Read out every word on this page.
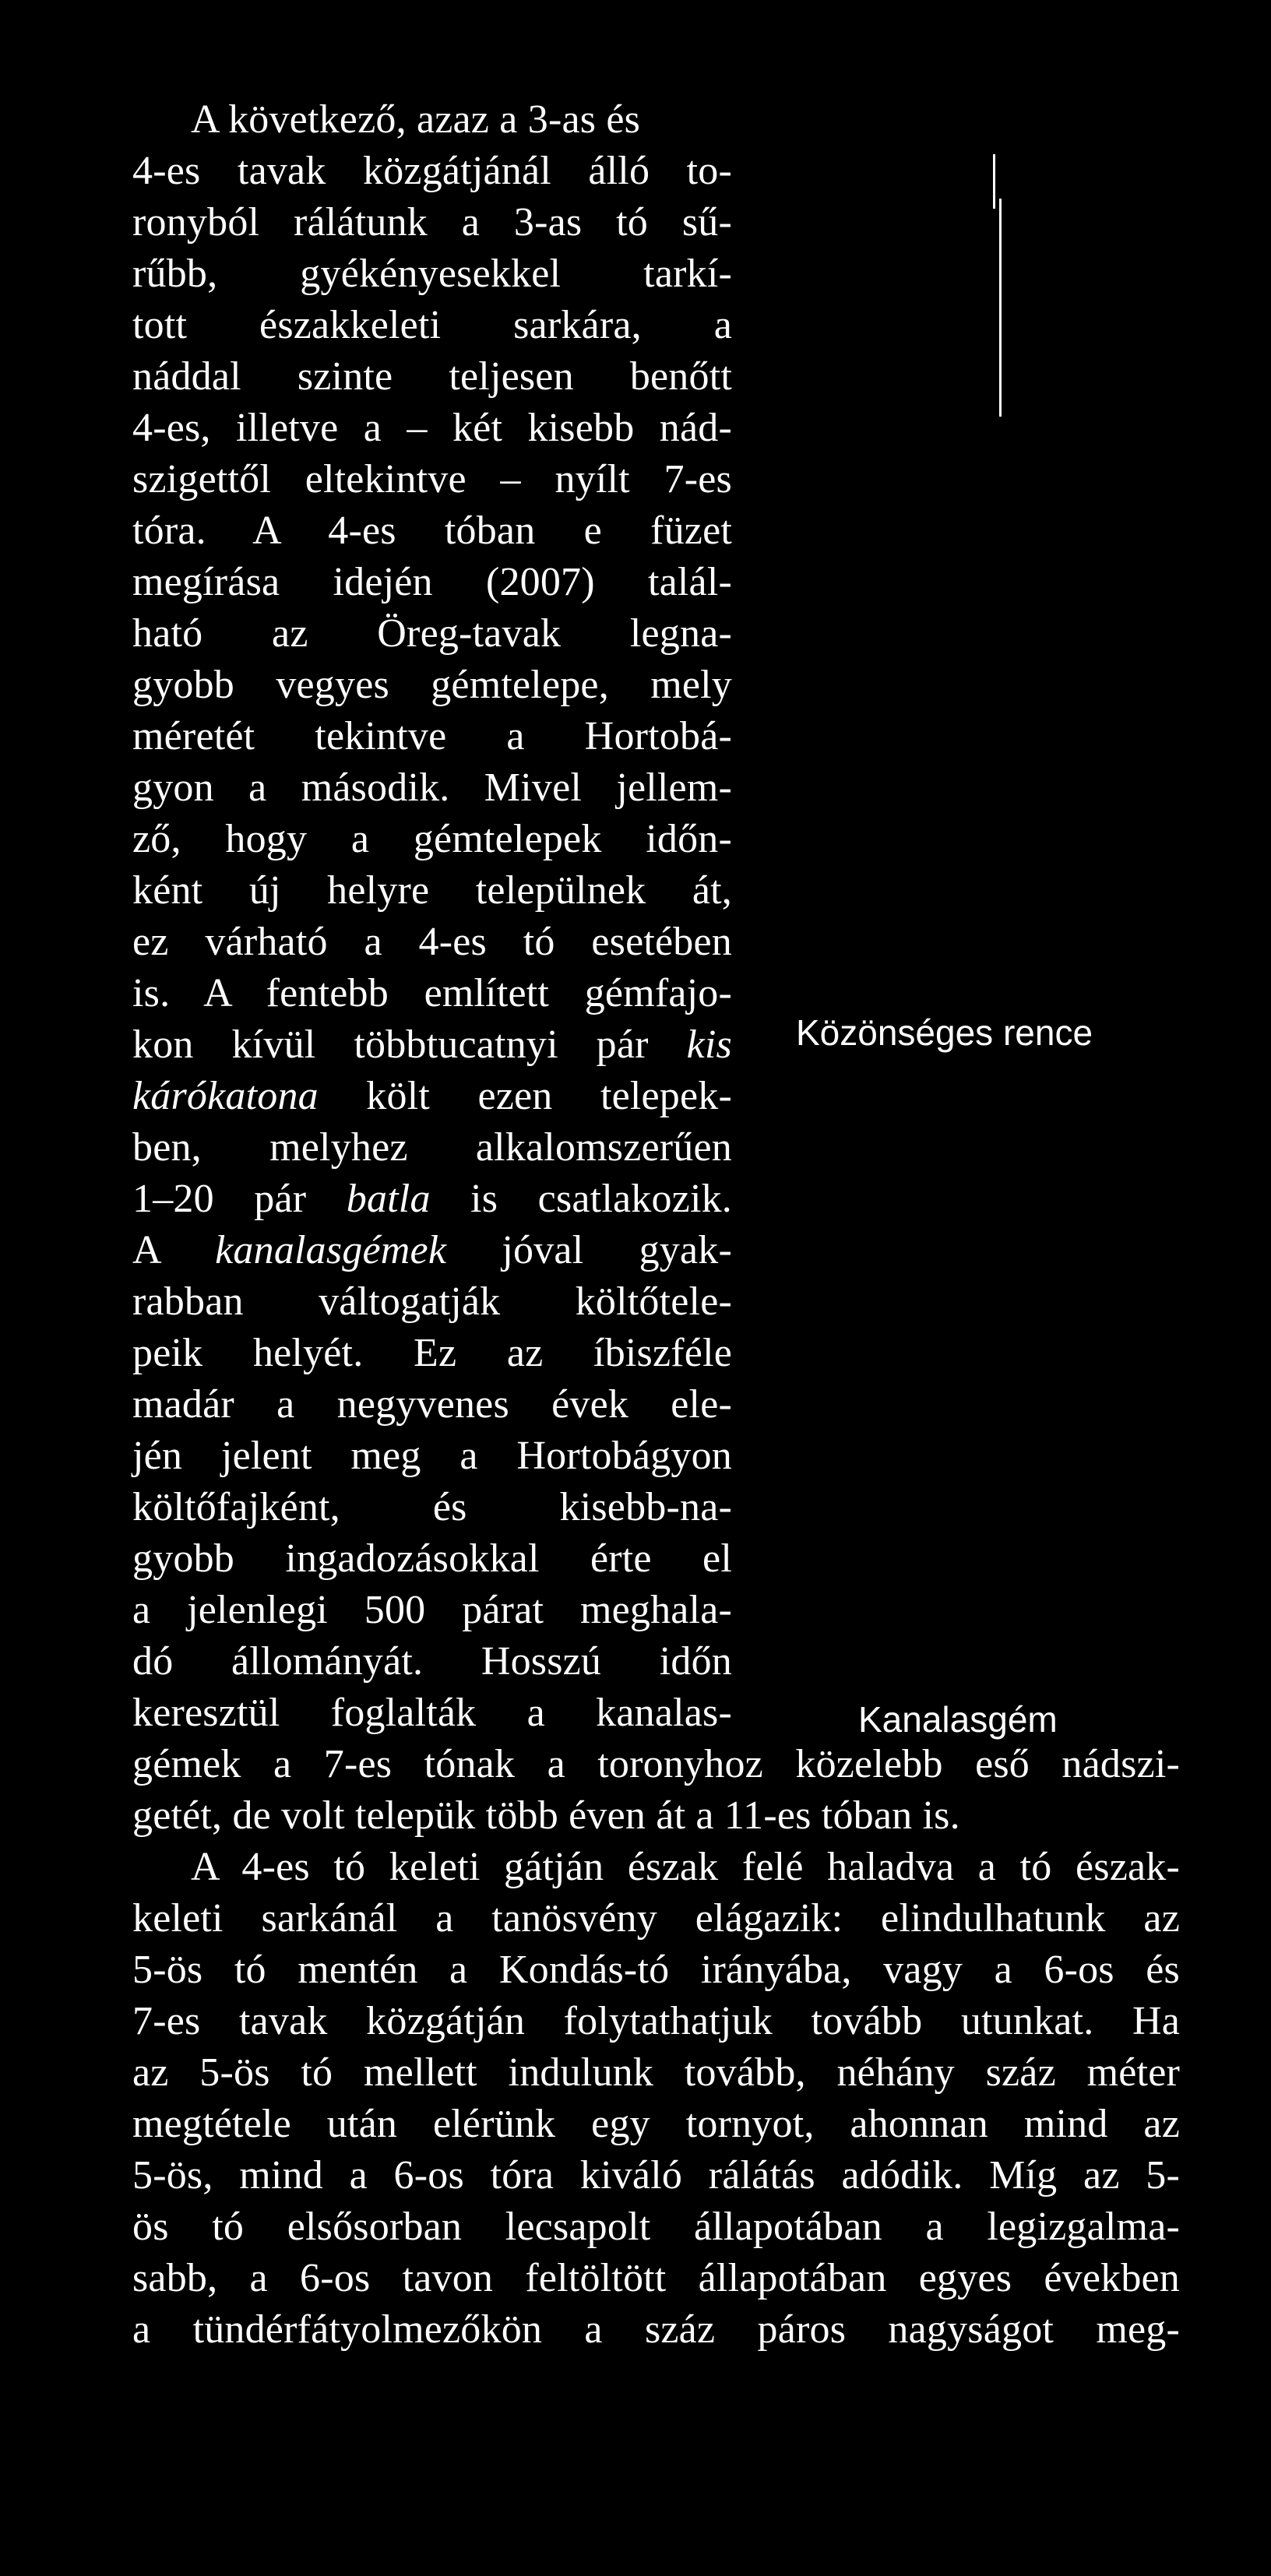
A következő, azaz a 3-as és
4-es tavak közgátjánál álló to-
ronyból rálátunk a 3-as tó sű-
rűbb, gyékényesekkel tarkí-
tott északkeleti sarkára, a
náddal szinte teljesen benőtt
4-es, illetve a – két kisebb nád-
szigettől eltekintve – nyílt 7-es
tóra. A 4-es tóban e füzet
megírása idején (2007) talál-
ható az Öreg-tavak legna-
gyobb vegyes gémtelepe, mely
méretét tekintve a Hortobá-
gyon a második. Mivel jellem-
ző, hogy a gémtelepek időn-
ként új helyre települnek át,
ez várható a 4-es tó esetében
is. A fentebb említett gémfajo-
kon kívül többtucatnyi pár kis
kárókatona költ ezen telepek-
ben, melyhez alkalomszerűen
1–20 pár batla is csatlakozik.
A kanalasgémek jóval gyak-
rabban váltogatják költőtele-
peik helyét. Ez az íbiszféle
madár a negyvenes évek ele-
jén jelent meg a Hortobágyon
költőfajként, és kisebb-na-
gyobb ingadozásokkal érte el
a jelenlegi 500 párat meghala-
dó állományát. Hosszú időn
keresztül foglalták a kanalas-
gémek a 7-es tónak a toronyhoz közelebb eső nádszi-
getét, de volt telepük több éven át a 11-es tóban is.
A 4-es tó keleti gátján észak felé haladva a tó észak-
keleti sarkánál a tanösvény elágazik: elindulhatunk az
5-ös tó mentén a Kondás-tó irányába, vagy a 6-os és
7-es tavak közgátján folytathatjuk tovább utunkat. Ha
az 5-ös tó mellett indulunk tovább, néhány száz méter
megtétele után elérünk egy tornyot, ahonnan mind az
5-ös, mind a 6-os tóra kiváló rálátás adódik. Míg az 5-
ös tó elsősorban lecsapolt állapotában a legizgalma-
sabb, a 6-os tavon feltöltött állapotában egyes években
a tündérfátyolmezőkön a száz páros nagyságot meg-
Közönséges rence
Kanalasgém
